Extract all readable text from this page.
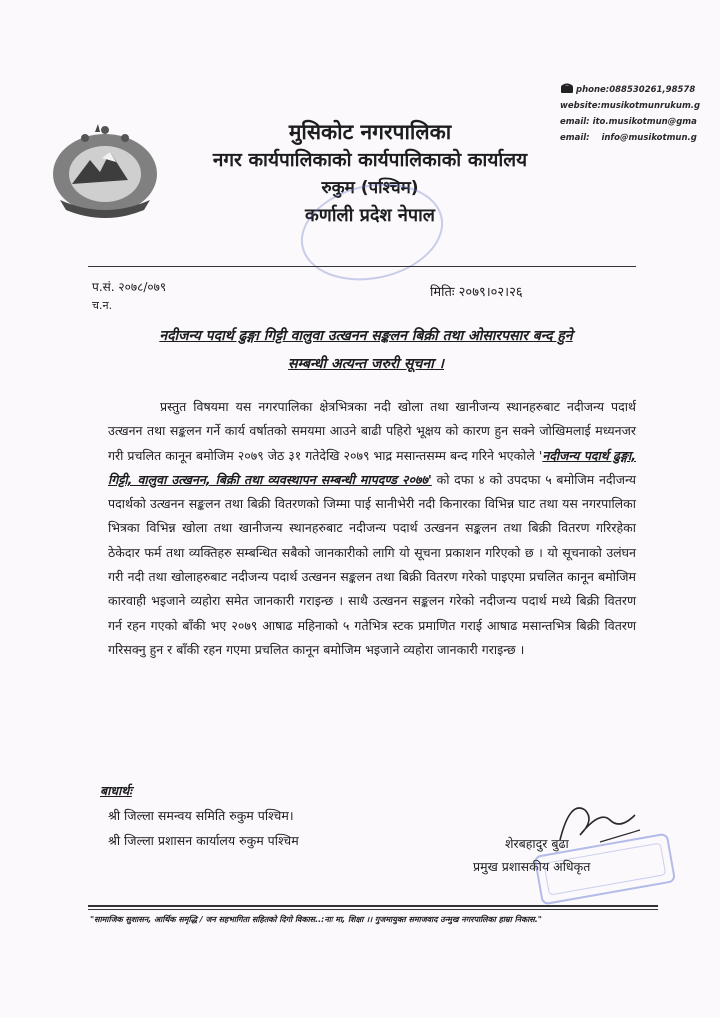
मुसिकोट नगरपालिका
नगर कार्यपालिकाको कार्यपालिकाको कार्यालय
रुकुम (पश्चिम)
कर्णाली प्रदेश नेपाल
phone: 088530261,98578
website: musikotmunrukum.g
email:
ito.musikotmun@gma
email:
info@musikotmun.g
प.सं. २०७८/०७९
च.न.
मितिः २०७९।०२।२६
नदीजन्य पदार्थ ढुङ्गा गिट्टी वालुवा उत्खनन सङ्कलन बिक्री तथा ओसारपसार बन्द हुने
सम्बन्धी अत्यन्त जरुरी सूचना ।
प्रस्तुत विषयमा यस नगरपालिका क्षेत्रभित्रका नदी खोला तथा खानीजन्य स्थानहरुबाट नदीजन्य पदार्थ उत्खनन तथा सङ्कलन गर्ने कार्य वर्षातको समयमा आउने बाढी पहिरो भूक्षय को कारण हुन सक्ने जोखिमलाई मध्यनजर गरी प्रचलित कानून बमोजिम २०७९ जेठ ३१ गतेदेखि २०७९ भाद्र मसान्तसम्म बन्द गरिने भएकोले 'नदीजन्य पदार्थ ढुङ्गा, गिट्टी, वालुवा उत्खनन, बिक्री तथा व्यवस्थापन सम्बन्धी मापदण्ड २०७७' को दफा ४ को उपदफा ५ बमोजिम नदीजन्य पदार्थको उत्खनन सङ्कलन तथा बिक्री वितरणको जिम्मा पाई सानीभेरी नदी किनारका विभिन्न घाट तथा यस नगरपालिका भित्रका विभिन्न खोला तथा खानीजन्य स्थानहरुबाट नदीजन्य पदार्थ उत्खनन सङ्कलन तथा बिक्री वितरण गरिरहेका ठेकेदार फर्म तथा व्यक्तिहरु सम्बन्धित सबैको जानकारीको लागि यो सूचना प्रकाशन गरिएको छ । यो सूचनाको उलंघन गरी नदी तथा खोलाहरुबाट नदीजन्य पदार्थ उत्खनन सङ्कलन तथा बिक्री वितरण गरेको पाइएमा प्रचलित कानून बमोजिम कारवाही भइजाने व्यहोरा समेत जानकारी गराइन्छ । साथै उत्खनन सङ्कलन गरेको नदीजन्य पदार्थ मध्ये बिक्री वितरण गर्न रहन गएको बाँकी भए २०७९ आषाढ महिनाको ५ गतेभित्र स्टक प्रमाणित गराई आषाढ मसान्तभित्र बिक्री वितरण गरिसक्नु हुन र बाँकी रहन गएमा प्रचलित कानून बमोजिम भइजाने व्यहोरा जानकारी गराइन्छ ।
बाधार्थः
श्री जिल्ला समन्वय समिति रुकुम पश्चिम।
श्री जिल्ला प्रशासन कार्यालय रुकुम पश्चिम	शेरबहादुर बुढा
प्रमुख प्रशासकीय अधिकृत
"सामाजिक सुशासन, आर्थिक समृद्धि / जन सहभागिता सहितको दिगो विकास..:नाः मा, शिक्षा ।। गुजमायुक्त समाजवाद उन्मुख नगरपालिका हाम्रा निकास."
